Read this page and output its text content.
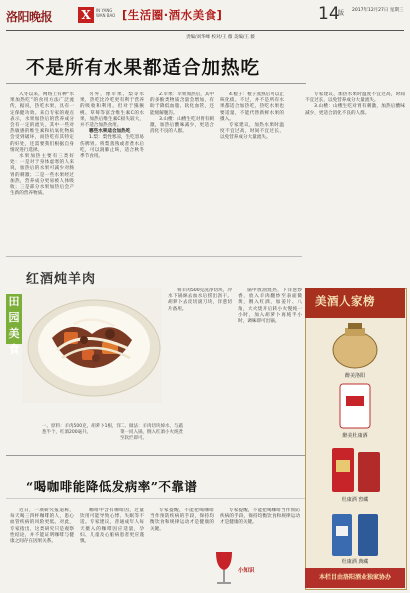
洛阳晚报 X	IN YANG WAN BAO [生活圈·酒水美食]	14
版	2017年12月27日 星期三
责编/刘华峰 校对/王 薇 美编/王 薇
不是所有水果都适合加热吃

入冬以来，网络上有种“水果加热吃”的食用方法广泛流传，据说，热吃水果，具有一定保健功效。来自专家的观点表示，水果加热后的营养成分会有一定的流失，其中一些对热敏感的维生素和抗氧化物质会受到破坏，而热吃有其特定的好处，还需要我们根据自身情况进行选择。

水果加热主要有三类好处：一是对于身体虚寒的人来说，加热后的水果可减少对肠胃的刺激；二是一些水果经过加热，营养成分更易被人体吸收；三是部分水果加热后会产生新的营养物质。

另外，像苹果、梨等水果，热吃比冷吃更有利于营养的吸收和利用。但对于猕猴桃、草莓等富含维生素C的水果，加热后维生素C损失较大，并不适合加热食用。

哪些水果适合加热吃

1.梨：梨性寒凉，生吃容易伤脾胃。将梨蒸熟或者煮水后吃，可以润肺止咳，适合秋冬季节食用。

2.苹果：苹果加热后，其中的多酚类物质含量会增加，有助于降低血脂、软化血管，还能缓解腹泻。

3.山楂：山楂生吃对胃有刺激，加热后酸味减少，更适合消化不良的人群。

4.橙子：橙子蒸熟后可以止咳化痰。不过，并不是所有水果都适合加热吃，热吃水果也要适量，不能代替新鲜水果的摄入。

专家建议，加热水果时温度不宜过高，时间不宜过长，以免营养成分大量流失。

专家建议，加热水果时温度不宜过高，时间不宜过长，以免营养成分大量流失。

3.山楂：山楂生吃对胃有刺激，加热后酸味减少，更适合消化不良的人群。

红酒炖羊肉
田园美食

将羊肉500克洗净切块，冷水下锅焯去血水后捞出沥干。胡萝卜去皮切滚刀块，洋葱切片备用。

锅中放油烧热，下洋葱炒香，放入羊肉翻炒至表面微黄，倒入红酒，加姜片、八角，大火烧开后转小火慢炖一小时，加入胡萝卜再炖半小时，调味即可出锅。

一、原料：羊肉500克，胡萝卜1根，洋葱半个，红酒200毫升。
二、做法：羊肉切块焯水，与蔬菜一同入锅，倒入红酒小火炖煮至软烂即可。
“喝咖啡能降低发病率”不靠谱

近日，一项研究报道称，每天喝三四杯咖啡的人，患心血管疾病的风险更低。对此，专家指出，这类研究只是观察性结论，并不能证明咖啡与健康之间存在因果关系。

咖啡中含有咖啡因，过量饮用可能导致心悸、失眠等不适。专家建议，普通成年人每天摄入的咖啡因应适量，孕妇、儿童及心脏病患者更应谨慎。

专家提醒，不能把喝咖啡当作预防疾病的手段，保持均衡饮食和规律运动才是健康的关键。

专家提醒，不能把喝咖啡当作预防疾病的手段，保持均衡饮食和规律运动才是健康的关键。

小知识
美酒人家榜
醉美洛阳
醉美杜康酒
杜康酒 窖藏
杜康酒 典藏
本栏目由洛阳酒业独家协办
